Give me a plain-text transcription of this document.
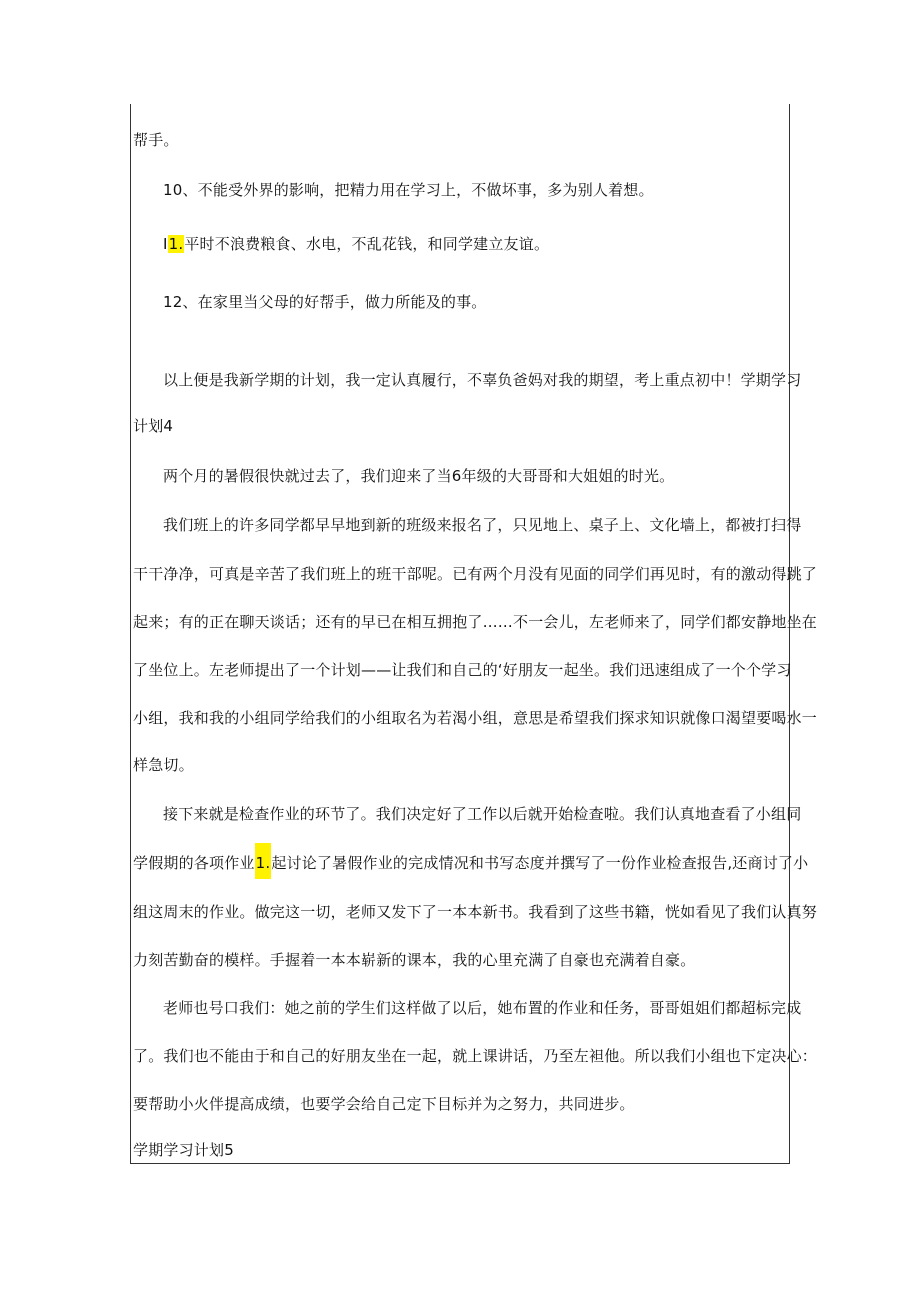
帮手。
10、不能受外界的影响，把精力用在学习上，不做坏事，多为别人着想。
I1.平时不浪费粮食、水电，不乱花钱，和同学建立友谊。
12、在家里当父母的好帮手，做力所能及的事。
以上便是我新学期的计划，我一定认真履行，不辜负爸妈对我的期望，考上重点初中！学期学习
计划4
两个月的暑假很快就过去了，我们迎来了当6年级的大哥哥和大姐姐的时光。
我们班上的许多同学都早早地到新的班级来报名了，只见地上、桌子上、文化墙上，都被打扫得
干干净净，可真是辛苦了我们班上的班干部呢。已有两个月没有见面的同学们再见时，有的激动得跳了
起来；有的正在聊天谈话；还有的早已在相互拥抱了……不一会儿，左老师来了，同学们都安静地坐在
了坐位上。左老师提出了一个计划——让我们和自己的‘好朋友一起坐。我们迅速组成了一个个学习
小组，我和我的小组同学给我们的小组取名为若渴小组，意思是希望我们探求知识就像口渴望要喝水一
样急切。
接下来就是检查作业的环节了。我们决定好了工作以后就开始检查啦。我们认真地查看了小组同
学假期的各项作业1.起讨论了暑假作业的完成情况和书写态度并撰写了一份作业检查报告,还商讨了小
组这周末的作业。做完这一切，老师又发下了一本本新书。我看到了这些书籍，恍如看见了我们认真努
力刻苦勤奋的模样。手握着一本本崭新的课本，我的心里充满了自豪也充满着自豪。
老师也号口我们：她之前的学生们这样做了以后，她布置的作业和任务，哥哥姐姐们都超标完成
了。我们也不能由于和自己的好朋友坐在一起，就上课讲话，乃至左袒他。所以我们小组也下定决心：
要帮助小火伴提高成绩，也要学会给自己定下目标并为之努力，共同进步。
学期学习计划5
